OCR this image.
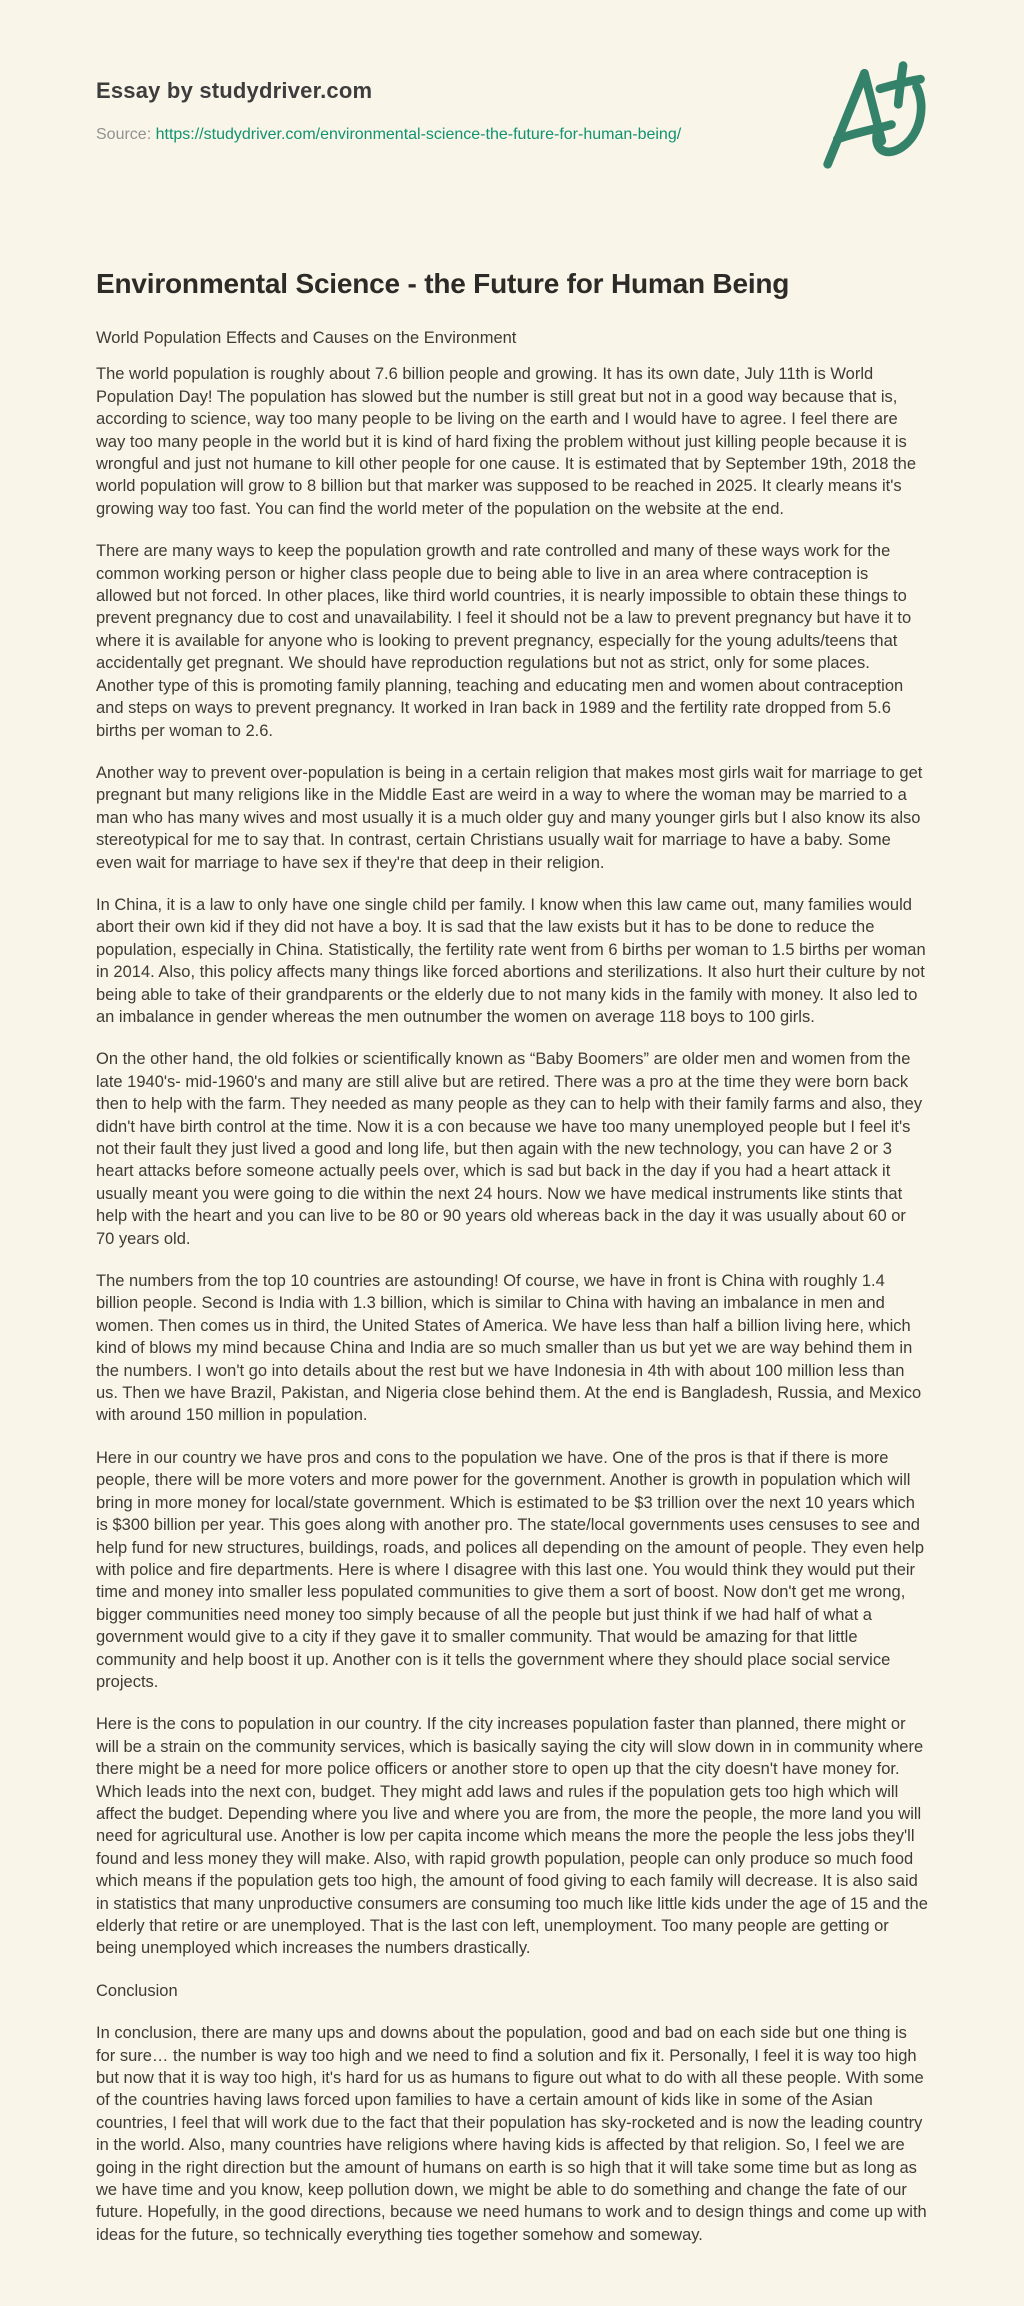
Essay by studydriver.com

Source: https://studydriver.com/environmental-science-the-future-for-human-being/

Environmental Science - the Future for Human Being

World Population Effects and Causes on the Environment

The world population is roughly about 7.6 billion people and growing. It has its own date, July 11th is World Population Day! The population has slowed but the number is still great but not in a good way because that is, according to science, way too many people to be living on the earth and I would have to agree. I feel there are way too many people in the world but it is kind of hard fixing the problem without just killing people because it is wrongful and just not humane to kill other people for one cause. It is estimated that by September 19th, 2018 the world population will grow to 8 billion but that marker was supposed to be reached in 2025. It clearly means it's growing way too fast. You can find the world meter of the population on the website at the end.

There are many ways to keep the population growth and rate controlled and many of these ways work for the common working person or higher class people due to being able to live in an area where contraception is allowed but not forced. In other places, like third world countries, it is nearly impossible to obtain these things to prevent pregnancy due to cost and unavailability. I feel it should not be a law to prevent pregnancy but have it to where it is available for anyone who is looking to prevent pregnancy, especially for the young adults/teens that accidentally get pregnant. We should have reproduction regulations but not as strict, only for some places. Another type of this is promoting family planning, teaching and educating men and women about contraception and steps on ways to prevent pregnancy. It worked in Iran back in 1989 and the fertility rate dropped from 5.6 births per woman to 2.6.

Another way to prevent over-population is being in a certain religion that makes most girls wait for marriage to get pregnant but many religions like in the Middle East are weird in a way to where the woman may be married to a man who has many wives and most usually it is a much older guy and many younger girls but I also know its also stereotypical for me to say that. In contrast, certain Christians usually wait for marriage to have a baby. Some even wait for marriage to have sex if they're that deep in their religion.

In China, it is a law to only have one single child per family. I know when this law came out, many families would abort their own kid if they did not have a boy. It is sad that the law exists but it has to be done to reduce the population, especially in China. Statistically, the fertility rate went from 6 births per woman to 1.5 births per woman in 2014. Also, this policy affects many things like forced abortions and sterilizations. It also hurt their culture by not being able to take of their grandparents or the elderly due to not many kids in the family with money. It also led to an imbalance in gender whereas the men outnumber the women on average 118 boys to 100 girls.

On the other hand, the old folkies or scientifically known as “Baby Boomers” are older men and women from the late 1940's- mid-1960's and many are still alive but are retired. There was a pro at the time they were born back then to help with the farm. They needed as many people as they can to help with their family farms and also, they didn't have birth control at the time. Now it is a con because we have too many unemployed people but I feel it's not their fault they just lived a good and long life, but then again with the new technology, you can have 2 or 3 heart attacks before someone actually peels over, which is sad but back in the day if you had a heart attack it usually meant you were going to die within the next 24 hours. Now we have medical instruments like stints that help with the heart and you can live to be 80 or 90 years old whereas back in the day it was usually about 60 or 70 years old.

The numbers from the top 10 countries are astounding! Of course, we have in front is China with roughly 1.4 billion people. Second is India with 1.3 billion, which is similar to China with having an imbalance in men and women. Then comes us in third, the United States of America. We have less than half a billion living here, which kind of blows my mind because China and India are so much smaller than us but yet we are way behind them in the numbers. I won't go into details about the rest but we have Indonesia in 4th with about 100 million less than us. Then we have Brazil, Pakistan, and Nigeria close behind them. At the end is Bangladesh, Russia, and Mexico with around 150 million in population.

Here in our country we have pros and cons to the population we have. One of the pros is that if there is more people, there will be more voters and more power for the government. Another is growth in population which will bring in more money for local/state government. Which is estimated to be $3 trillion over the next 10 years which is $300 billion per year. This goes along with another pro. The state/local governments uses censuses to see and help fund for new structures, buildings, roads, and polices all depending on the amount of people. They even help with police and fire departments. Here is where I disagree with this last one. You would think they would put their time and money into smaller less populated communities to give them a sort of boost. Now don't get me wrong, bigger communities need money too simply because of all the people but just think if we had half of what a government would give to a city if they gave it to smaller community. That would be amazing for that little community and help boost it up. Another con is it tells the government where they should place social service projects.

Here is the cons to population in our country. If the city increases population faster than planned, there might or will be a strain on the community services, which is basically saying the city will slow down in in community where there might be a need for more police officers or another store to open up that the city doesn't have money for. Which leads into the next con, budget. They might add laws and rules if the population gets too high which will affect the budget. Depending where you live and where you are from, the more the people, the more land you will need for agricultural use. Another is low per capita income which means the more the people the less jobs they'll found and less money they will make. Also, with rapid growth population, people can only produce so much food which means if the population gets too high, the amount of food giving to each family will decrease. It is also said in statistics that many unproductive consumers are consuming too much like little kids under the age of 15 and the elderly that retire or are unemployed. That is the last con left, unemployment. Too many people are getting or being unemployed which increases the numbers drastically.

Conclusion

In conclusion, there are many ups and downs about the population, good and bad on each side but one thing is for sure… the number is way too high and we need to find a solution and fix it. Personally, I feel it is way too high but now that it is way too high, it's hard for us as humans to figure out what to do with all these people. With some of the countries having laws forced upon families to have a certain amount of kids like in some of the Asian countries, I feel that will work due to the fact that their population has sky-rocketed and is now the leading country in the world. Also, many countries have religions where having kids is affected by that religion. So, I feel we are going in the right direction but the amount of humans on earth is so high that it will take some time but as long as we have time and you know, keep pollution down, we might be able to do something and change the fate of our future. Hopefully, in the good directions, because we need humans to work and to design things and come up with ideas for the future, so technically everything ties together somehow and someway.
